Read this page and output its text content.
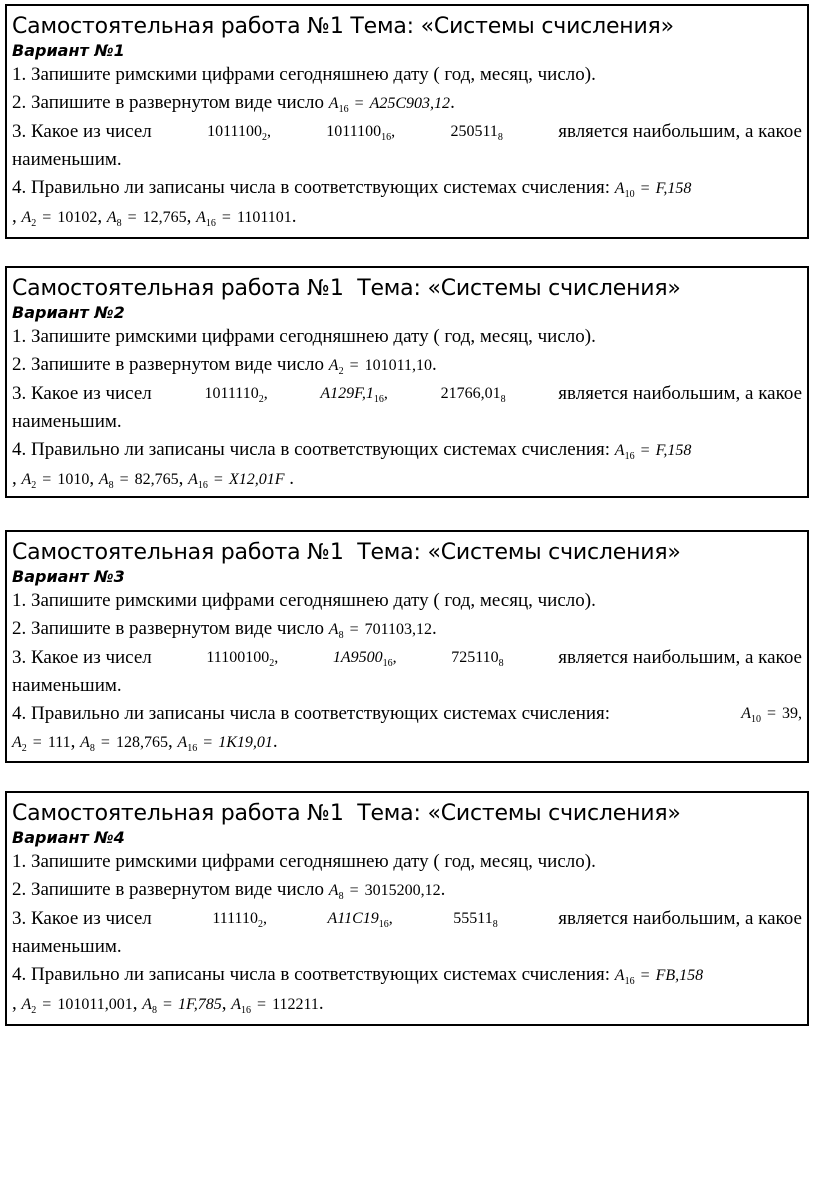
Самостоятельная работа №1 Тема: «Системы счисления»
Вариант №1
1. Запишите римскими цифрами сегодняшнею дату ( год, месяц, число).
2. Запишите в развернутом виде число $A_{16} = A25C903,12$.
3. Какое из чисел	$1011100_2$,	$1011100_{16}$,	$250511_8$	является наибольшим, а какое
наименьшим.
4. Правильно ли записаны числа в соответствующих системах счисления: $A_{10} = F,158$
, $A_2 = 10102$, $A_8 = 12,765$, $A_{16} = 1101101$.
Самостоятельная работа №1  Тема: «Системы счисления»
Вариант №2
1. Запишите римскими цифрами сегодняшнею дату ( год, месяц, число).
2. Запишите в развернутом виде число $A_2 = 101011,10$.
3. Какое из чисел	$1011110_2$,	$A129F,1_{16}$,	$21766,01_8$	является наибольшим, а какое
наименьшим.
4. Правильно ли записаны числа в соответствующих системах счисления: $A_{16} = F,158$
, $A_2 = 1010$, $A_8 = 82,765$, $A_{16} = X12,01F$ .
Самостоятельная работа №1  Тема: «Системы счисления»
Вариант №3
1. Запишите римскими цифрами сегодняшнею дату ( год, месяц, число).
2. Запишите в развернутом виде число $A_8 = 701103,12$.
3. Какое из чисел	$11100100_2$,	$1A9500_{16}$,	$725110_8$	является наибольшим, а какое
наименьшим.
4. Правильно ли записаны числа в соответствующих системах счисления:	$A_{10} = 39$,
$A_2 = 111$, $A_8 = 128,765$, $A_{16} = 1K19,01$.
Самостоятельная работа №1  Тема: «Системы счисления»
Вариант №4
1. Запишите римскими цифрами сегодняшнею дату ( год, месяц, число).
2. Запишите в развернутом виде число $A_8 = 3015200,12$.
3. Какое из чисел	$111110_2$,	$A11C19_{16}$,	$55511_8$	является наибольшим, а какое
наименьшим.
4. Правильно ли записаны числа в соответствующих системах счисления: $A_{16} = FB,158$
, $A_2 = 101011,001$, $A_8 = 1F,785$, $A_{16} = 112211$.
